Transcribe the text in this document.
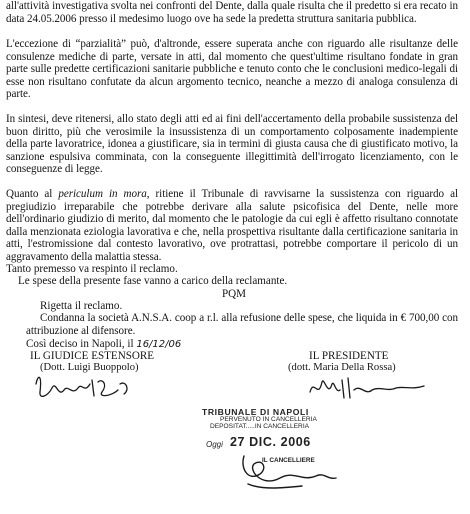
all'attività investigativa svolta nei confronti del Dente, dalla quale risulta che il predetto si era recato in data 24.05.2006 presso il medesimo luogo ove ha sede la predetta struttura sanitaria pubblica.

L'eccezione di “parzialità” può, d'altronde, essere superata anche con riguardo alle risultanze delle consulenze mediche di parte, versate in atti, dal momento che quest'ultime risultano fondate in gran parte sulle predette certificazioni sanitarie pubbliche e tenuto conto che le conclusioni medico-legali di esse non risultano confutate da alcun argomento tecnico, neanche a mezzo di analoga consulenza di parte.

In sintesi, deve ritenersi, allo stato degli atti ed ai fini dell'accertamento della probabile sussistenza del buon diritto, più che verosimile la insussistenza di un comportamento colposamente inadempiente della parte lavoratrice, idonea a giustificare, sia in termini di giusta causa che di giustificato motivo, la sanzione espulsiva comminata, con la conseguente illegittimità dell'irrogato licenziamento, con le conseguenze di legge.

Quanto al periculum in mora, ritiene il Tribunale di ravvisarne la sussistenza con riguardo al pregiudizio irreparabile che potrebbe derivare alla salute psicofisica del Dente, nelle more dell'ordinario giudizio di merito, dal momento che le patologie da cui egli è affetto risultano connotate dalla menzionata eziologia lavorativa e che, nella prospettiva risultante dalla certificazione sanitaria in atti, l'estromissione dal contesto lavorativo, ove protrattasi, potrebbe comportare il pericolo di un aggravamento della malattia stessa.

Tanto premesso va respinto il reclamo.

Le spese della presente fase vanno a carico della reclamante.

PQM

Rigetta il reclamo.

Condanna la società A.N.S.A. coop a r.l. alla refusione delle spese, che liquida in € 700,00 con attribuzione al difensore.

Così deciso in Napoli, il 16/12/06

IL GIUDICE ESTENSORE

(Dott. Luigi Buoppolo)

IL PRESIDENTE

(dott. Maria Della Rossa)

TRIBUNALE DI NAPOLI
PERVENUTO IN CANCELLERIA
DEPOSITAT.....IN CANCELLERIA
Oggi 27 DIC. 2006
IL CANCELLIERE
